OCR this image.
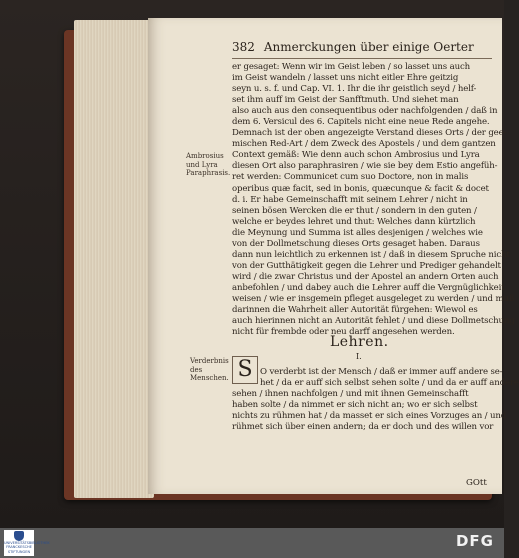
382 Anmerckungen über einige Oerter

Ambrosius und Lyra Paraphrasis.

er gesaget: Wenn wir im Geist leben / so lasset uns auch
im Geist wandeln / lasset uns nicht eitler Ehre geitzig
seyn u. s. f. und Cap. VI. 1. Ihr die ihr geistlich seyd / helf-
set ihm auff im Geist der Sanfftmuth. Und siehet man
also auch aus den consequentibus oder nachfolgenden / daß in
dem 6. Versicul des 6. Capitels nicht eine neue Rede angehe.
Demnach ist der oben angezeigte Verstand dieses Orts / der gee-
mischen Red-Art / dem Zweck des Apostels / und dem gantzen
Context gemäß: Wie denn auch schon Ambrosius und Lyra
diesen Ort also paraphrasiren / wie sie bey dem Estio angefüh-
ret werden: Communicet cum suo Doctore, non in malis
operibus quæ facit, sed in bonis, quæcunque & facit & docet
d. i. Er habe Gemeinschafft mit seinem Lehrer / nicht in
seinen bösen Wercken die er thut / sondern in den guten /
welche er beydes lehret und thut: Welches dann kürtzlich
die Meynung und Summa ist alles desjenigen / welches wie
von der Dollmetschung dieses Orts gesaget haben. Daraus
dann nun leichtlich zu erkennen ist / daß in diesem Spruche nicht
von der Gutthätigkeit gegen die Lehrer und Prediger gehandelt
wird / die zwar Christus und der Apostel an andern Orten auch
anbefohlen / und dabey auch die Lehrer auff die Vergnüglichkeit
weisen / wie er insgemein pfleget ausgeleget zu werden / und muß
darinnen die Wahrheit aller Autorität fürgehen: Wiewol es
auch hierinnen nicht an Autorität fehlet / und diese Dollmetschung
nicht für frembde oder neu darff angesehen werden.

Lehren.

I.

Verderbnis des Menschen. S O verderbt ist der Mensch / daß er immer auff andere se-
het / da er auff sich selbst sehen solte / und da er auff andere
sehen / ihnen nachfolgen / und mit ihnen Gemeinschafft
haben solte / da nimmet er sich nicht an; wo er sich selbst
nichts zu rühmen hat / da masset er sich eines Vorzuges an / und
rühmet sich über einen andern; da er doch und des willen vor

GOtt

UNIVERSITÄTSBIBLIOTHEK FRANCKESCHE STIFTUNGEN

DFG
